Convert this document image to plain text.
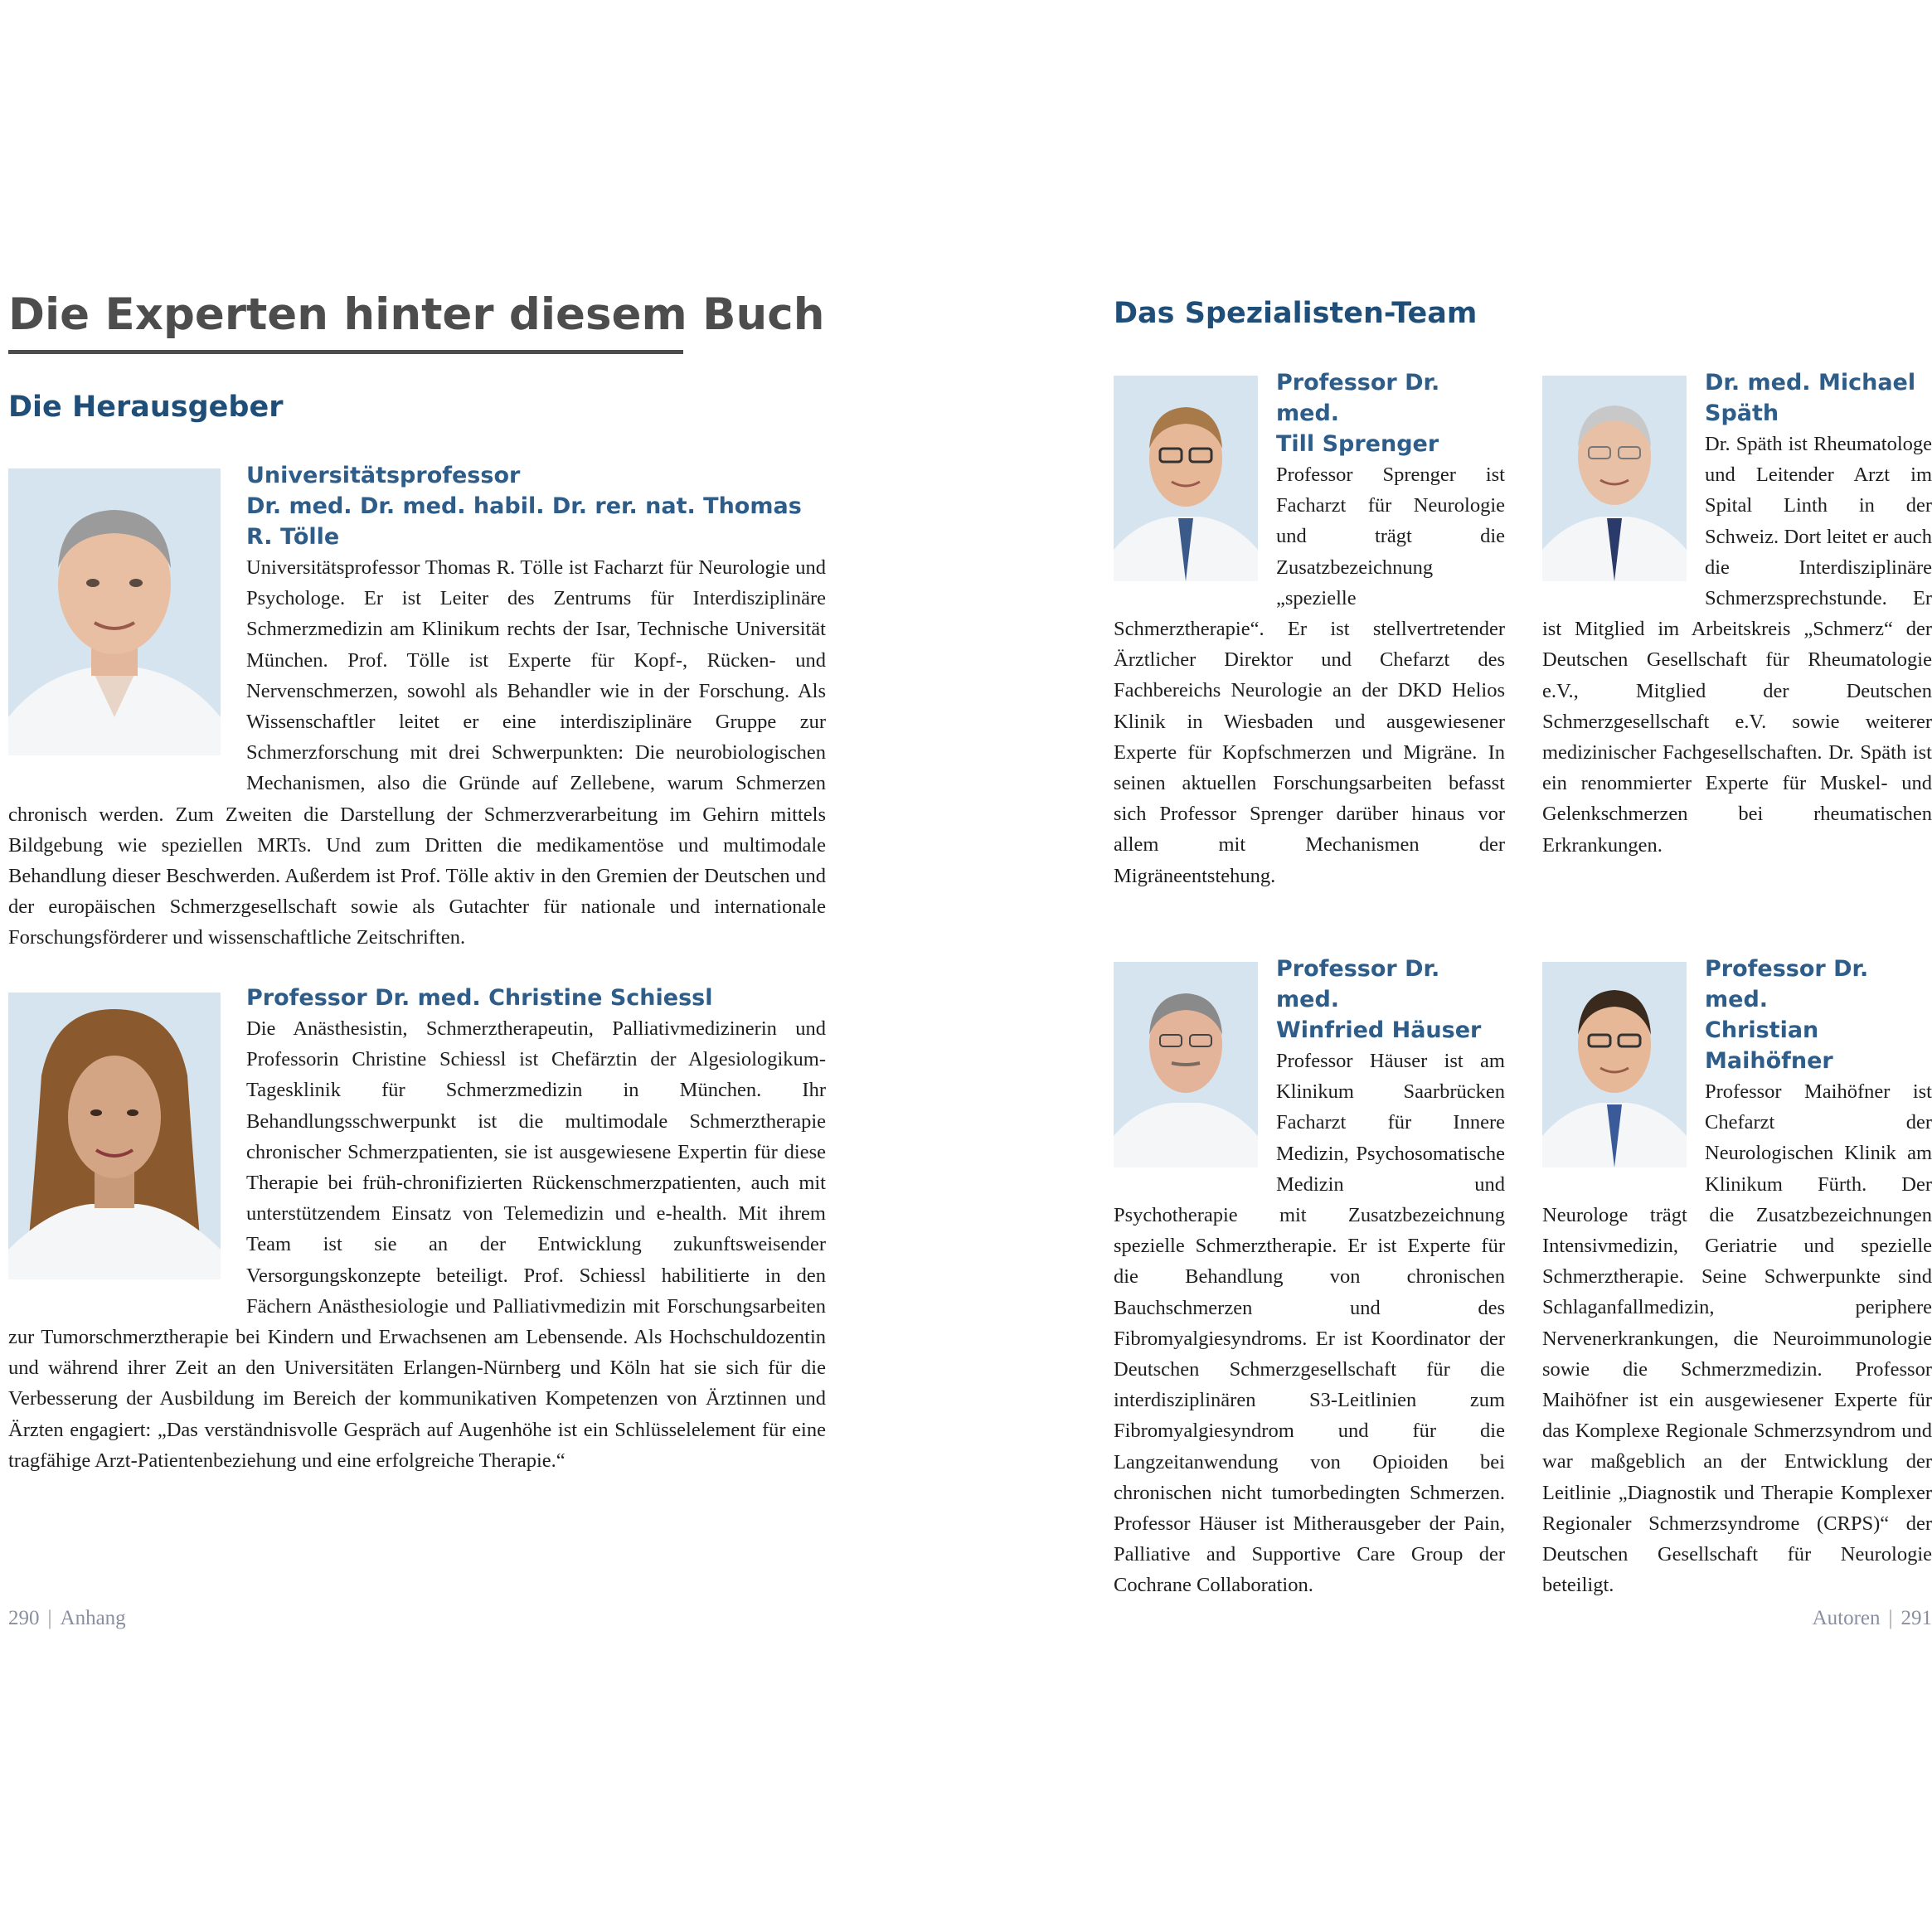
Die Experten hinter diesem Buch
Die Herausgeber
Universitätsprofessor
Dr. med. Dr. med. habil. Dr. rer. nat. Thomas R. Tölle

Universitätsprofessor Thomas R. Tölle ist Facharzt für Neurologie und Psychologe. Er ist Leiter des Zentrums für Interdisziplinäre Schmerzmedizin am Klinikum rechts der Isar, Technische Universität München. Prof. Tölle ist Experte für Kopf-, Rücken- und Nervenschmerzen, sowohl als Behandler wie in der Forschung. Als Wissenschaftler leitet er eine interdisziplinäre Gruppe zur Schmerzforschung mit drei Schwerpunkten: Die neurobiologischen Mechanismen, also die Gründe auf Zellebene, warum Schmerzen chronisch werden. Zum Zweiten die Darstellung der Schmerzverarbeitung im Gehirn mittels Bildgebung wie speziellen MRTs. Und zum Dritten die medikamentöse und multimodale Behandlung dieser Beschwerden. Außerdem ist Prof. Tölle aktiv in den Gremien der Deutschen und der europäischen Schmerzgesellschaft sowie als Gutachter für nationale und internationale Forschungsförderer und wissenschaftliche Zeitschriften.

Professor Dr. med. Christine Schiessl

Die Anästhesistin, Schmerztherapeutin, Palliativmedizinerin und Professorin Christine Schiessl ist Chefärztin der Algesiologikum-Tagesklinik für Schmerzmedizin in München. Ihr Behandlungsschwerpunkt ist die multimodale Schmerztherapie chronischer Schmerzpatienten, sie ist ausgewiesene Expertin für diese Therapie bei früh-chronifizierten Rückenschmerzpatienten, auch mit unterstützendem Einsatz von Telemedizin und e-health. Mit ihrem Team ist sie an der Entwicklung zukunftsweisender Versorgungskonzepte beteiligt. Prof. Schiessl habilitierte in den Fächern Anästhesiologie und Palliativmedizin mit Forschungsarbeiten zur Tumorschmerztherapie bei Kindern und Erwachsenen am Lebensende. Als Hochschuldozentin und während ihrer Zeit an den Universitäten Erlangen-Nürnberg und Köln hat sie sich für die Verbesserung der Ausbildung im Bereich der kommunikativen Kompetenzen von Ärztinnen und Ärzten engagiert: „Das verständnisvolle Gespräch auf Augenhöhe ist ein Schlüsselelement für eine tragfähige Arzt-Patientenbeziehung und eine erfolgreiche Therapie.“

290 | Anhang
Das Spezialisten-Team
Professor Dr. med.
Till Sprenger

Professor Sprenger ist Facharzt für Neurologie und trägt die Zusatzbezeichnung „spezielle Schmerztherapie“. Er ist stellvertretender Ärztlicher Direktor und Chefarzt des Fachbereichs Neurologie an der DKD Helios Klinik in Wiesbaden und ausgewiesener Experte für Kopfschmerzen und Migräne. In seinen aktuellen Forschungsarbeiten befasst sich Professor Sprenger darüber hinaus vor allem mit Mechanismen der Migräneentstehung.

Dr. med. Michael
Späth

Dr. Späth ist Rheumatologe und Leitender Arzt im Spital Linth in der Schweiz. Dort leitet er auch die Interdisziplinäre Schmerzsprechstunde. Er ist Mitglied im Arbeitskreis „Schmerz“ der Deutschen Gesellschaft für Rheumatologie e.V., Mitglied der Deutschen Schmerzgesellschaft e.V. sowie weiterer medizinischer Fachgesellschaften. Dr. Späth ist ein renommierter Experte für Muskel- und Gelenkschmerzen bei rheumatischen Erkrankungen.

Professor Dr. med.
Winfried Häuser

Professor Häuser ist am Klinikum Saarbrücken Facharzt für Innere Medizin, Psychosomatische Medizin und Psychotherapie mit Zusatzbezeichnung spezielle Schmerztherapie. Er ist Experte für die Behandlung von chronischen Bauchschmerzen und des Fibromyalgiesyndroms. Er ist Koordinator der Deutschen Schmerzgesellschaft für die interdisziplinären S3-Leitlinien zum Fibromyalgiesyndrom und für die Langzeitanwendung von Opioiden bei chronischen nicht tumorbedingten Schmerzen. Professor Häuser ist Mitherausgeber der Pain, Palliative and Supportive Care Group der Cochrane Collaboration.

Professor Dr. med.
Christian Maihöfner

Professor Maihöfner ist Chefarzt der Neurologischen Klinik am Klinikum Fürth. Der Neurologe trägt die Zusatzbezeichnungen Intensivmedizin, Geriatrie und spezielle Schmerztherapie. Seine Schwerpunkte sind Schlaganfallmedizin, periphere Nervenerkrankungen, die Neuroimmunologie sowie die Schmerzmedizin. Professor Maihöfner ist ein ausgewiesener Experte für das Komplexe Regionale Schmerzsyndrom und war maßgeblich an der Entwicklung der Leitlinie „Diagnostik und Therapie Komplexer Regionaler Schmerzsyndrome (CRPS)“ der Deutschen Gesellschaft für Neurologie beteiligt.

Autoren | 291
